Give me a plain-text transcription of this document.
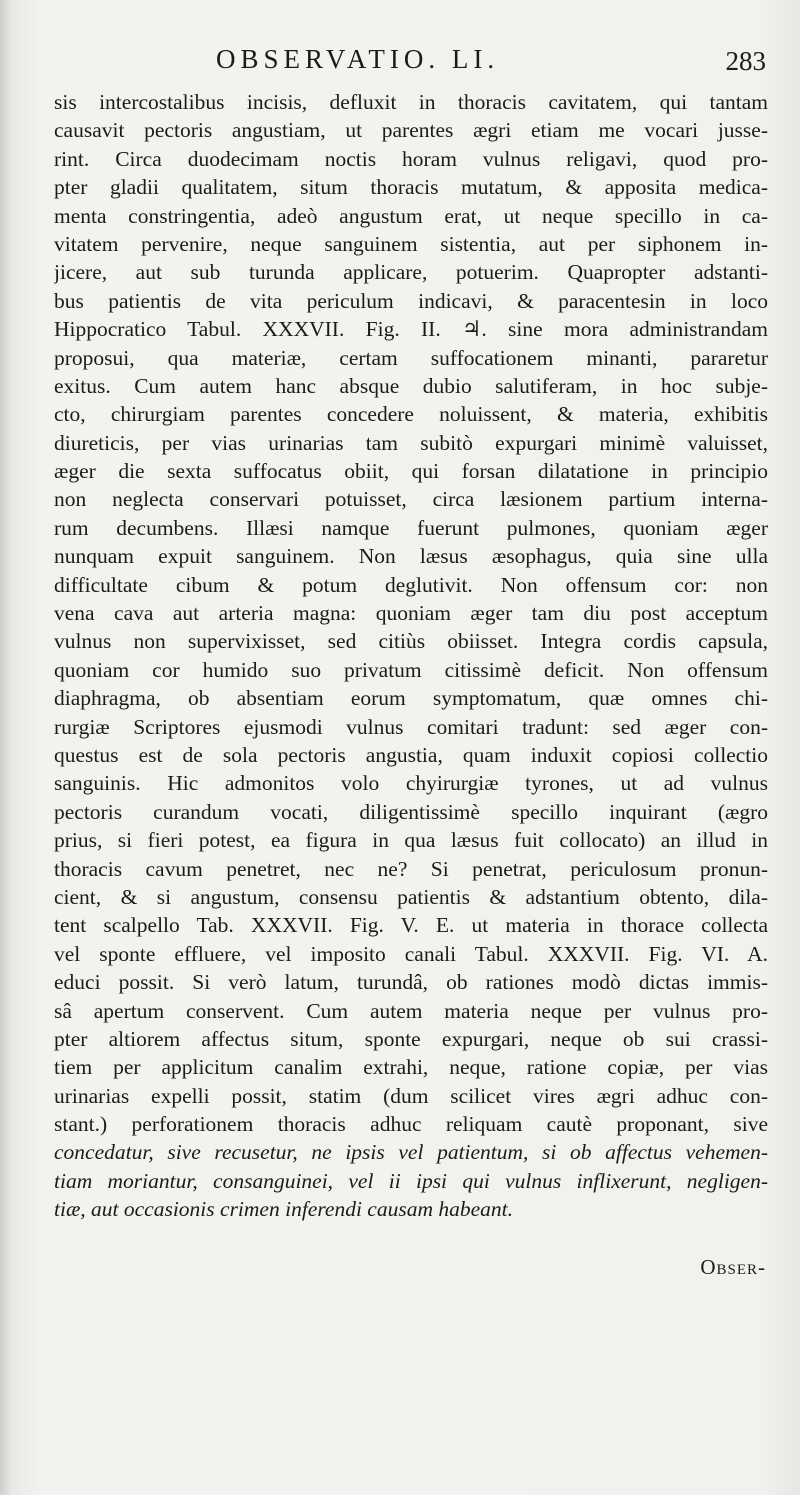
OBSERVATIO. LI.	283
sis intercostalibus incisis, defluxit in thoracis cavitatem, qui tantam
causavit pectoris angustiam, ut parentes ægri etiam me vocari jusse-
rint. Circa duodecimam noctis horam vulnus religavi, quod pro-
pter gladii qualitatem, situm thoracis mutatum, & apposita medica-
menta constringentia, adeò angustum erat, ut neque specillo in ca-
vitatem pervenire, neque sanguinem sistentia, aut per siphonem in-
jicere, aut sub turunda applicare, potuerim. Quapropter adstanti-
bus patientis de vita periculum indicavi, & paracentesin in loco
Hippocratico Tabul. XXXVII. Fig. II. ♃. sine mora administrandam
proposui, qua materiæ, certam suffocationem minanti, pararetur
exitus. Cum autem hanc absque dubio salutiferam, in hoc subje-
cto, chirurgiam parentes concedere noluissent, & materia, exhibitis
diureticis, per vias urinarias tam subitò expurgari minimè valuisset,
æger die sexta suffocatus obiit, qui forsan dilatatione in principio
non neglecta conservari potuisset, circa læsionem partium interna-
rum decumbens. Illæsi namque fuerunt pulmones, quoniam æger
nunquam expuit sanguinem. Non læsus æsophagus, quia sine ulla
difficultate cibum & potum deglutivit. Non offensum cor: non
vena cava aut arteria magna: quoniam æger tam diu post acceptum
vulnus non supervixisset, sed citiùs obiisset. Integra cordis capsula,
quoniam cor humido suo privatum citissimè deficit. Non offensum
diaphragma, ob absentiam eorum symptomatum, quæ omnes chi-
rurgiæ Scriptores ejusmodi vulnus comitari tradunt: sed æger con-
questus est de sola pectoris angustia, quam induxit copiosi collectio
sanguinis. Hic admonitos volo chyirurgiæ tyrones, ut ad vulnus
pectoris curandum vocati, diligentissimè specillo inquirant (ægro
prius, si fieri potest, ea figura in qua læsus fuit collocato) an illud in
thoracis cavum penetret, nec ne? Si penetrat, periculosum pronun-
cient, & si angustum, consensu patientis & adstantium obtento, dila-
tent scalpello Tab. XXXVII. Fig. V. E. ut materia in thorace collecta
vel sponte effluere, vel imposito canali Tabul. XXXVII. Fig. VI. A.
educi possit. Si verò latum, turundâ, ob rationes modò dictas immis-
sâ apertum conservent. Cum autem materia neque per vulnus pro-
pter altiorem affectus situm, sponte expurgari, neque ob sui crassi-
tiem per applicitum canalim extrahi, neque, ratione copiæ, per vias
urinarias expelli possit, statim (dum scilicet vires ægri adhuc con-
stant.) perforationem thoracis adhuc reliquam cautè proponant, sive
concedatur, sive recusetur, ne ipsis vel patientum, si ob affectus vehemen-
tiam moriantur, consanguinei, vel ii ipsi qui vulnus inflixerunt, negligen-
tiæ, aut occasionis crimen inferendi causam habeant.
Obser-
